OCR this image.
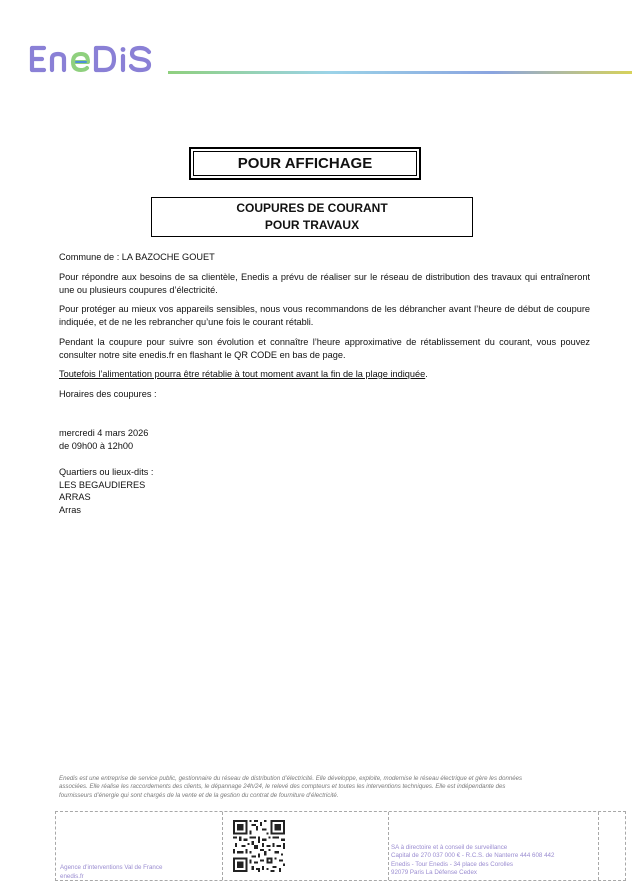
POUR AFFICHAGE
COUPURES DE COURANT
POUR TRAVAUX

Commune de : LA BAZOCHE GOUET

Pour répondre aux besoins de sa clientèle, Enedis a prévu de réaliser sur le réseau de distribution des travaux qui entraîneront une ou plusieurs coupures d’électricité.

Pour protéger au mieux vos appareils sensibles, nous vous recommandons de les débrancher avant l’heure de début de coupure indiquée, et de ne les rebrancher qu’une fois le courant rétabli.

Pendant la coupure pour suivre son évolution et connaître l’heure approximative de rétablissement du courant, vous pouvez consulter notre site enedis.fr en flashant le QR CODE en bas de page.

Toutefois l’alimentation pourra être rétablie à tout moment avant la fin de la plage indiquée.

Horaires des coupures :

mercredi 4 mars 2026

de 09h00 à 12h00

Quartiers ou lieux-dits :

LES BEGAUDIERES

ARRAS

Arras

Enedis est une entreprise de service public, gestionnaire du réseau de distribution d’électricité. Elle développe, exploite, modernise le réseau électrique et gère les données
associées. Elle réalise les raccordements des clients, le dépannage 24h/24, le relevé des compteurs et toutes les interventions techniques. Elle est indépendante des
fournisseurs d’énergie qui sont chargés de la vente et de la gestion du contrat de fourniture d’électricité.
Agence d’interventions Val de France
enedis.fr
SA à directoire et à conseil de surveillance
Capital de 270 037 000 € - R.C.S. de Nanterre 444 608 442
Enedis - Tour Enedis - 34 place des Corolles
92079 Paris La Défense Cedex
